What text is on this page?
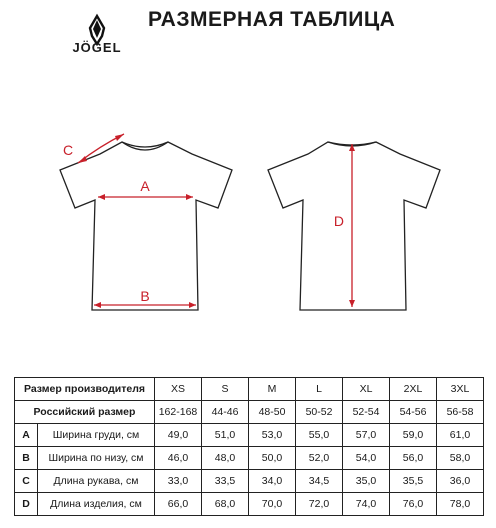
JÖGEL
РАЗМЕРНАЯ ТАБЛИЦА
C
A
B
D
Размер производителя		XS	S	M	L	XL	2XL	3XL
Российский размер		162-168	44-46	48-50	50-52	52-54	54-56	56-58
A	Ширина груди, см	49,0	51,0	53,0	55,0	57,0	59,0	61,0
B	Ширина по низу, см	46,0	48,0	50,0	52,0	54,0	56,0	58,0
C	Длина рукава, см	33,0	33,5	34,0	34,5	35,0	35,5	36,0
D	Длина изделия, см	66,0	68,0	70,0	72,0	74,0	76,0	78,0
